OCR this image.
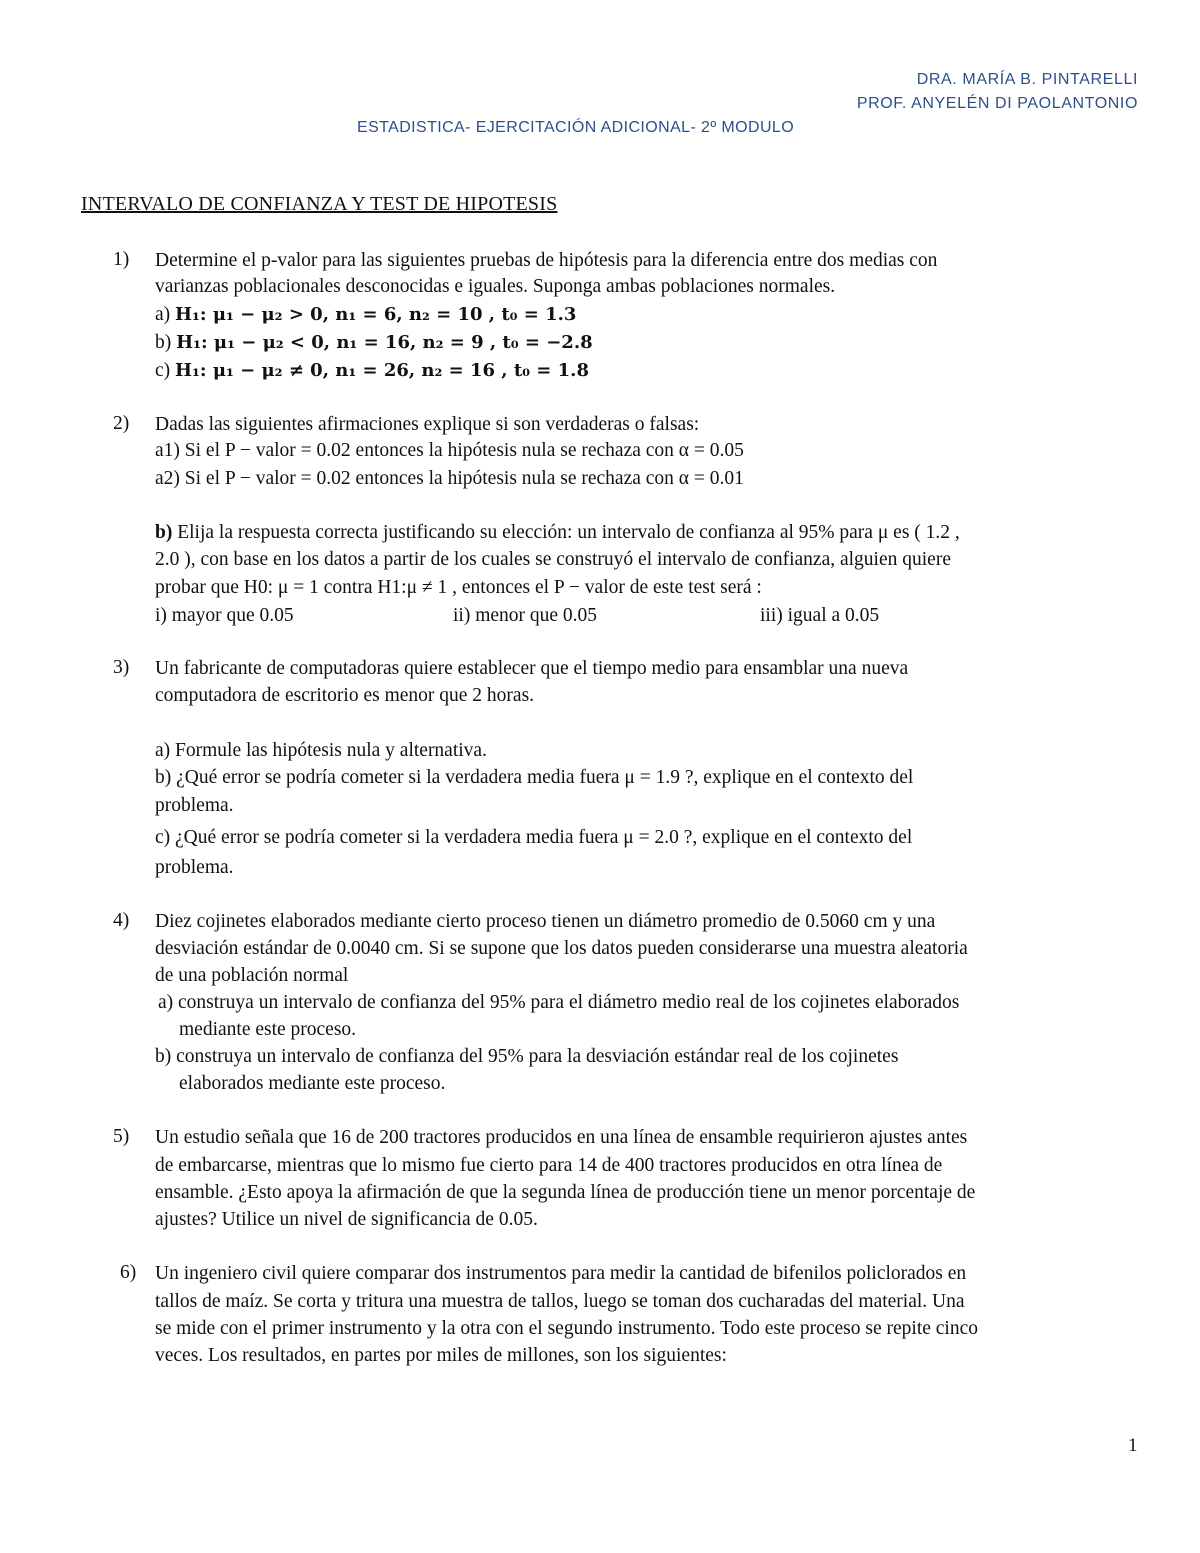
DRA. MARÍA B. PINTARELLI
PROF. ANYELÉN DI PAOLANTONIO
ESTADISTICA- EJERCITACIÓN ADICIONAL- 2º MODULO
INTERVALO DE CONFIANZA Y TEST DE HIPOTESIS
1) Determine el p-valor para las siguientes pruebas de hipótesis para la diferencia entre dos medias con
varianzas poblacionales desconocidas e iguales. Suponga ambas poblaciones normales.
a) H₁: μ₁ − μ₂ > 0, n₁ = 6, n₂ = 10 , t₀ = 1.3
b) H₁: μ₁ − μ₂ < 0, n₁ = 16, n₂ = 9 , t₀ = −2.8
c) H₁: μ₁ − μ₂ ≠ 0, n₁ = 26, n₂ = 16 , t₀ = 1.8
2) Dadas las siguientes afirmaciones explique si son verdaderas o falsas:
a1) Si el P − valor = 0.02 entonces la hipótesis nula se rechaza con α = 0.05
a2) Si el P − valor = 0.02 entonces la hipótesis nula se rechaza con α = 0.01
b) Elija la respuesta correcta justificando su elección: un intervalo de confianza al 95% para μ es ( 1.2 ,
2.0 ), con base en los datos a partir de los cuales se construyó el intervalo de confianza, alguien quiere
probar que H0: μ = 1 contra H1:μ ≠ 1 , entonces el P − valor de este test será :
i) mayor que 0.05	ii) menor que 0.05	iii) igual a 0.05
3) Un fabricante de computadoras quiere establecer que el tiempo medio para ensamblar una nueva
computadora de escritorio es menor que 2 horas.
a) Formule las hipótesis nula y alternativa.
b) ¿Qué error se podría cometer si la verdadera media fuera μ = 1.9 ?, explique en el contexto del
problema.
c) ¿Qué error se podría cometer si la verdadera media fuera μ = 2.0 ?, explique en el contexto del
problema.
4) Diez cojinetes elaborados mediante cierto proceso tienen un diámetro promedio de 0.5060 cm y una
desviación estándar de 0.0040 cm. Si se supone que los datos pueden considerarse una muestra aleatoria
de una población normal
a) construya un intervalo de confianza del 95% para el diámetro medio real de los cojinetes elaborados
mediante este proceso.
b) construya un intervalo de confianza del 95% para la desviación estándar real de los cojinetes
elaborados mediante este proceso.
5) Un estudio señala que 16 de 200 tractores producidos en una línea de ensamble requirieron ajustes antes
de embarcarse, mientras que lo mismo fue cierto para 14 de 400 tractores producidos en otra línea de
ensamble. ¿Esto apoya la afirmación de que la segunda línea de producción tiene un menor porcentaje de
ajustes? Utilice un nivel de significancia de 0.05.
6) Un ingeniero civil quiere comparar dos instrumentos para medir la cantidad de bifenilos policlorados en
tallos de maíz. Se corta y tritura una muestra de tallos, luego se toman dos cucharadas del material. Una
se mide con el primer instrumento y la otra con el segundo instrumento. Todo este proceso se repite cinco
veces. Los resultados, en partes por miles de millones, son los siguientes:
1
